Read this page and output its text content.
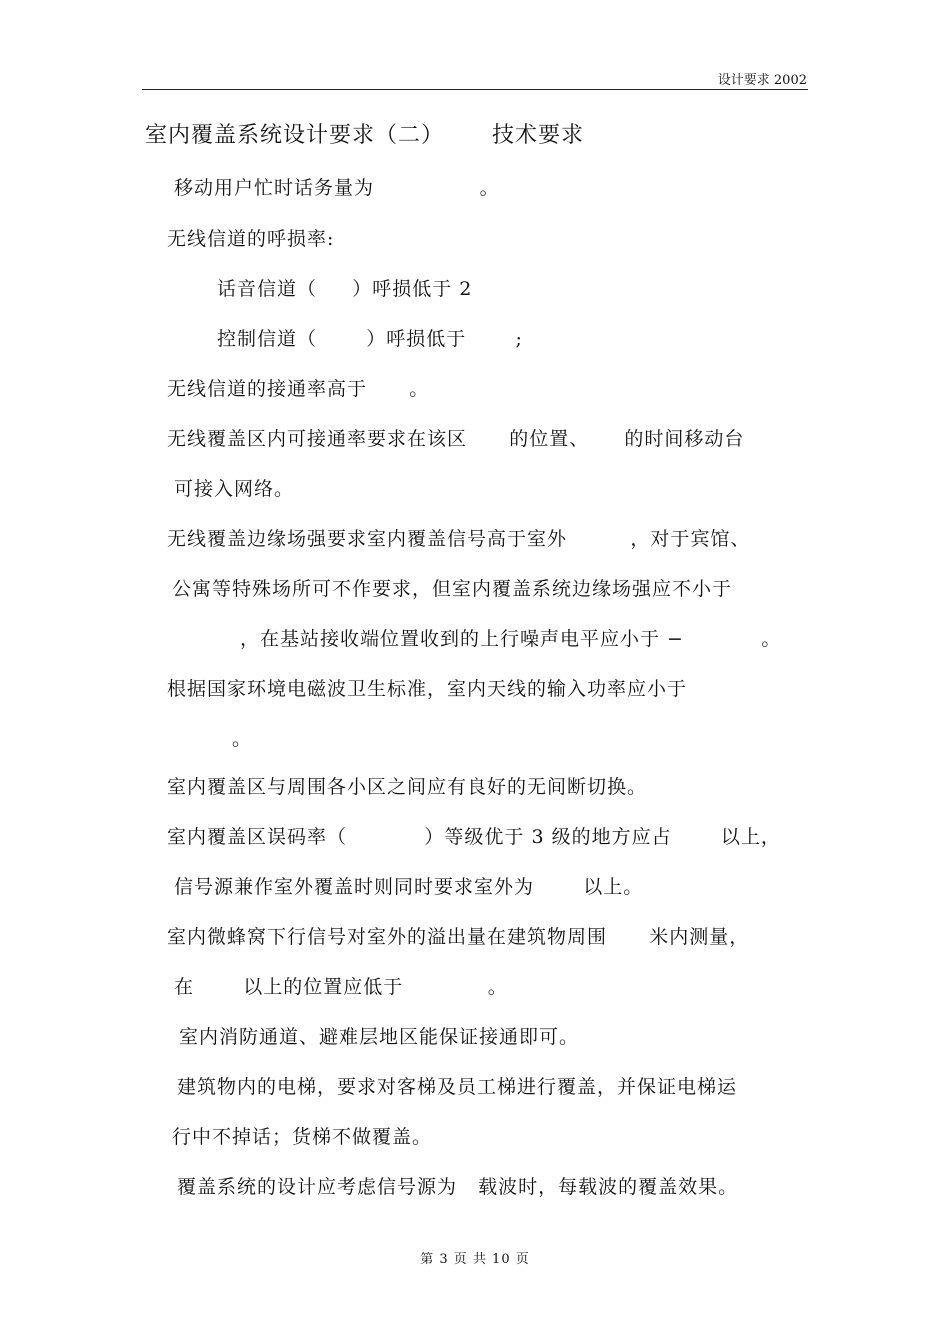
设计要求 2002
室内覆盖系统设计要求（二）      技术要求
移动用户忙时话务量为               。
无线信道的呼损率:
话音信道（     ）呼损低于 2
控制信道（       ）呼损低于       ;
无线信道的接通率高于      。
无线覆盖区内可接通率要求在该区      的位置、     的时间移动台
可接入网络。
无线覆盖边缘场强要求室内覆盖信号高于室外         ，对于宾馆、
公寓等特殊场所可不作要求，但室内覆盖系统边缘场强应不小于
，在基站接收端位置收到的上行噪声电平应小于 −           。
根据国家环境电磁波卫生标准，室内天线的输入功率应小于
。
室内覆盖区与周围各小区之间应有良好的无间断切换。
室内覆盖区误码率（           ）等级优于 3 级的地方应占       以上，
信号源兼作室外覆盖时则同时要求室外为       以上。
室内微蜂窝下行信号对室外的溢出量在建筑物周围      米内测量，
在       以上的位置应低于            。
室内消防通道、避难层地区能保证接通即可。
建筑物内的电梯，要求对客梯及员工梯进行覆盖，并保证电梯运
行中不掉话；货梯不做覆盖。
覆盖系统的设计应考虑信号源为   载波时，每载波的覆盖效果。
第 3 页 共 10 页
